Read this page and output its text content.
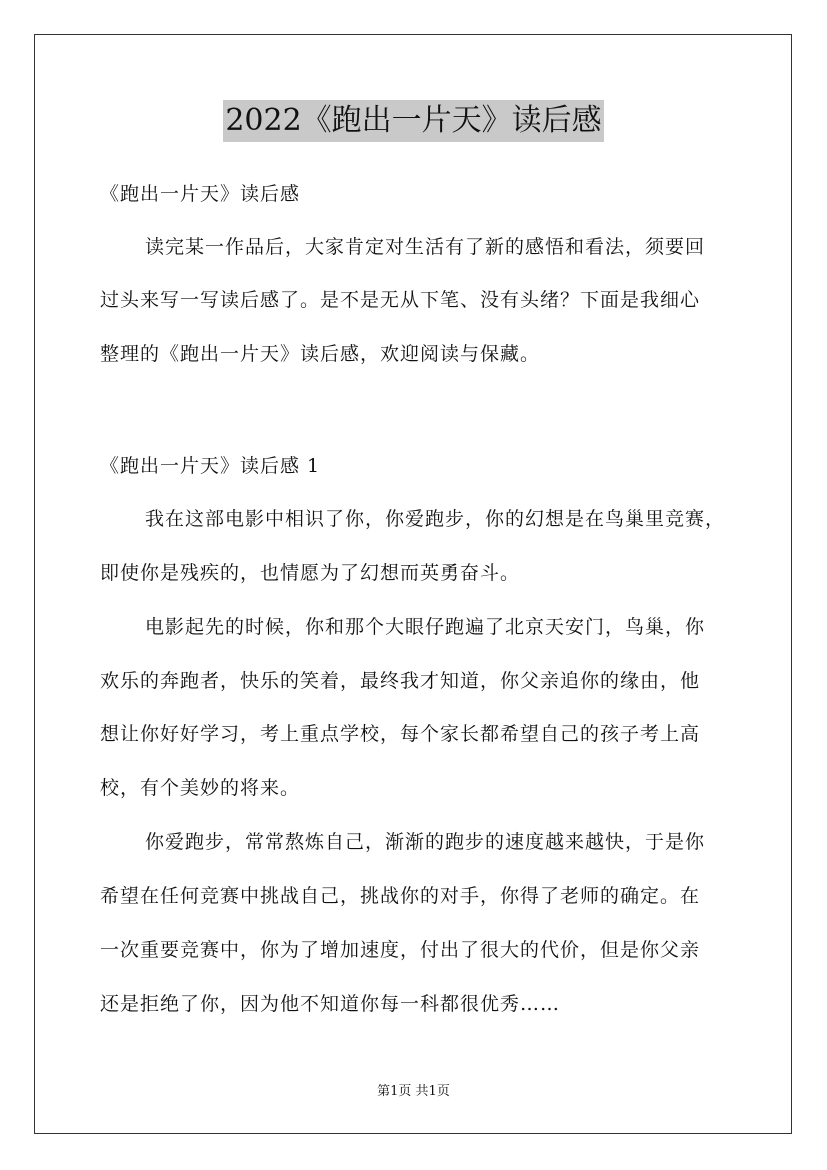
2022《跑出一片天》读后感
《跑出一片天》读后感
读完某一作品后，大家肯定对生活有了新的感悟和看法，须要回
过头来写一写读后感了。是不是无从下笔、没有头绪？下面是我细心
整理的《跑出一片天》读后感，欢迎阅读与保藏。
《跑出一片天》读后感 1
我在这部电影中相识了你，你爱跑步，你的幻想是在鸟巢里竞赛，
即使你是残疾的，也情愿为了幻想而英勇奋斗。
电影起先的时候，你和那个大眼仔跑遍了北京天安门，鸟巢，你
欢乐的奔跑者，快乐的笑着，最终我才知道，你父亲追你的缘由，他
想让你好好学习，考上重点学校，每个家长都希望自己的孩子考上高
校，有个美妙的将来。
你爱跑步，常常熬炼自己，渐渐的跑步的速度越来越快，于是你
希望在任何竞赛中挑战自己，挑战你的对手，你得了老师的确定。在
一次重要竞赛中，你为了增加速度，付出了很大的代价，但是你父亲
还是拒绝了你，因为他不知道你每一科都很优秀……
第1页 共1页
